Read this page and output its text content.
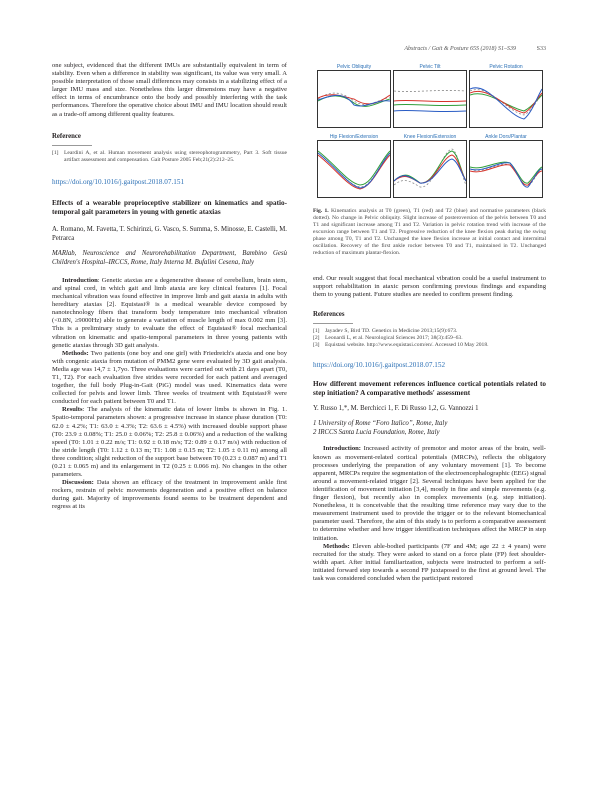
Abstracts / Gait & Posture 65S (2018) S1–S39	S33

one subject, evidenced that the different IMUs are substantially equivalent in term of stability. Even when a difference in stability was significant, its value was very small. A possible interpretation of those small differences may consists in a stabilizing effect of a larger IMU mass and size. Nonetheless this larger dimensions may have a negative effect in terms of encumbrance onto the body and possibly interfering with the task performances. Therefore the operative choice about IMU and IMU location should result as a trade-off among different quality features.

Reference
[1] Leardini A, et al. Human movement analysis using stereophotogrammetry, Part 3. Soft tissue artifact assessment and compensation. Gait Posture 2005 Feb;21(2):212–25.
https://doi.org/10.1016/j.gaitpost.2018.07.151

Effects of a wearable proprioceptive stabilizer on kinematics and spatio-temporal gait parameters in young with genetic ataxias

A. Romano, M. Favetta, T. Schirinzi, G. Vasco, S. Summa, S. Minosse, E. Castelli, M. Petrarca

MARlab, Neuroscience and Neurorehabilitation Department, Bambino Gesù Children's Hospital–IRCCS, Rome, Italy Interna M. Bufalini Cesena, Italy

Introduction: Genetic ataxias are a degenerative disease of cerebellum, brain stem, and spinal cord, in which gait and limb ataxia are key clinical features [1]. Focal mechanical vibration was found effective in improve limb and gait ataxia in adults with hereditary ataxias [2]. Equistasi® is a medical wearable device composed by nanotechnology fibers that transform body temperature into mechanical vibration (<0.8N, ≥9000Hz) able to generate a variation of muscle length of max 0.002 mm [3]. This is a preliminary study to evaluate the effect of Equistasi® focal mechanical vibration on kinematic and spatio-temporal parameters in three young patients with genetic ataxias through 3D gait analysis.

Methods: Two patients (one boy and one girl) with Friedreich's ataxia and one boy with congenic ataxia from mutation of PMM2 gene were evaluated by 3D gait analysis. Media age was 14,7 ± 1,7yo. Three evaluations were carried out with 21 days apart (T0, T1, T2). For each evaluation five strides were recorded for each patient and averaged together, the full body Plug-in-Gait (PiG) model was used. Kinematics data were collected for pelvis and lower limb. Three weeks of treatment with Equistasi® were conducted for each patient between T0 and T1.

Results: The analysis of the kinematic data of lower limbs is shown in Fig. 1. Spatio-temporal parameters shown: a progressive increase in stance phase duration (T0: 62.0 ± 4.2%; T1: 63.0 ± 4.3%; T2: 63.6 ± 4.5%) with increased double support phase (T0: 23.9 ± 0.08%; T1: 25.0 ± 0.06%; T2: 25.8 ± 0.06%) and a reduction of the walking speed (T0: 1.01 ± 0.22 m/s; T1: 0.92 ± 0.18 m/s; T2: 0.89 ± 0.17 m/s) with reduction of the stride length (T0: 1.12 ± 0.13 m; T1: 1.08 ± 0.15 m; T2: 1.05 ± 0.11 m) among all three condition; slight reduction of the support base between T0 (0.23 ± 0.087 m) and T1 (0.21 ± 0.065 m) and its enlargement in T2 (0.25 ± 0.066 m). No changes in the other parameters.

Discussion: Data shown an efficacy of the treatment in improvement ankle first rockers, restrain of pelvic movements degeneration and a positive effect on balance during gait. Majority of improvements found seems to be treatment dependent and regress at its

Pelvic Obliquity	Pelvic Tilt	Pelvic Rotation
Hip Flexion/Extension	Knee Flexion/Extension	Ankle Dors/Plantar

Fig. 1. Kinematics analysis at T0 (green), T1 (red) and T2 (blue) and normative parameters (black dotted). No change in Pelvic obliquity. Slight increase of posteroversion of the pelvis between T0 and T1 and significant increase among T1 and T2. Variation in pelvic rotation trend with increase of the excursion range between T1 and T2. Progressive reduction of the knee flexion peak during the swing phase among T0, T1 and T2. Unchanged the knee flexion increase at initial contact and intermittal oscillation. Recovery of the first ankle rocker between T0 and T1, maintained in T2. Unchanged reduction of maximum plantar-flexion.

end. Our result suggest that focal mechanical vibration could be a useful instrument to support rehabilitation in ataxic person confirming previous findings and expanding them to young patient. Future studies are needed to confirm present finding.

References
[1] Jayadev S, Bird TD. Genetics in Medicine 2013;15(9):673.
[2] Leonardi L, et al. Neurological Sciences 2017; 38(3):459–63.
[3] Equistasi website. http://www.equistasi.com/en/. Accessed 10 May 2018.
https://doi.org/10.1016/j.gaitpost.2018.07.152

How different movement references influence cortical potentials related to step initiation? A comparative methods' assessment

Y. Russo 1,*, M. Berchicci 1, F. Di Russo 1,2, G. Vannozzi 1

1 University of Rome “Foro Italico”, Rome, Italy

2 IRCCS Santa Lucia Foundation, Rome, Italy

Introduction: Increased activity of premotor and motor areas of the brain, well-known as movement-related cortical potentials (MRCPs), reflects the obligatory processes underlying the preparation of any voluntary movement [1]. To become apparent, MRCPs require the segmentation of the electroencephalographic (EEG) signal around a movement-related trigger [2]. Several techniques have been applied for the identification of movement initiation [3,4], mostly in fine and simple movements (e.g. finger flexion), but recently also in complex movements (e.g. step initiation). Nonetheless, it is conceivable that the resulting time reference may vary due to the measurement instrument used to provide the trigger or to the relevant biomechanical parameter used. Therefore, the aim of this study is to perform a comparative assessment to determine whether and how trigger identification techniques affect the MRCP in step initiation.

Methods: Eleven able-bodied participants (7F and 4M; age 22 ± 4 years) were recruited for the study. They were asked to stand on a force plate (FP) feet shoulder-width apart. After initial familiarization, subjects were instructed to perform a self-initiated forward step towards a second FP juxtaposed to the first at ground level. The task was considered concluded when the participant restored
